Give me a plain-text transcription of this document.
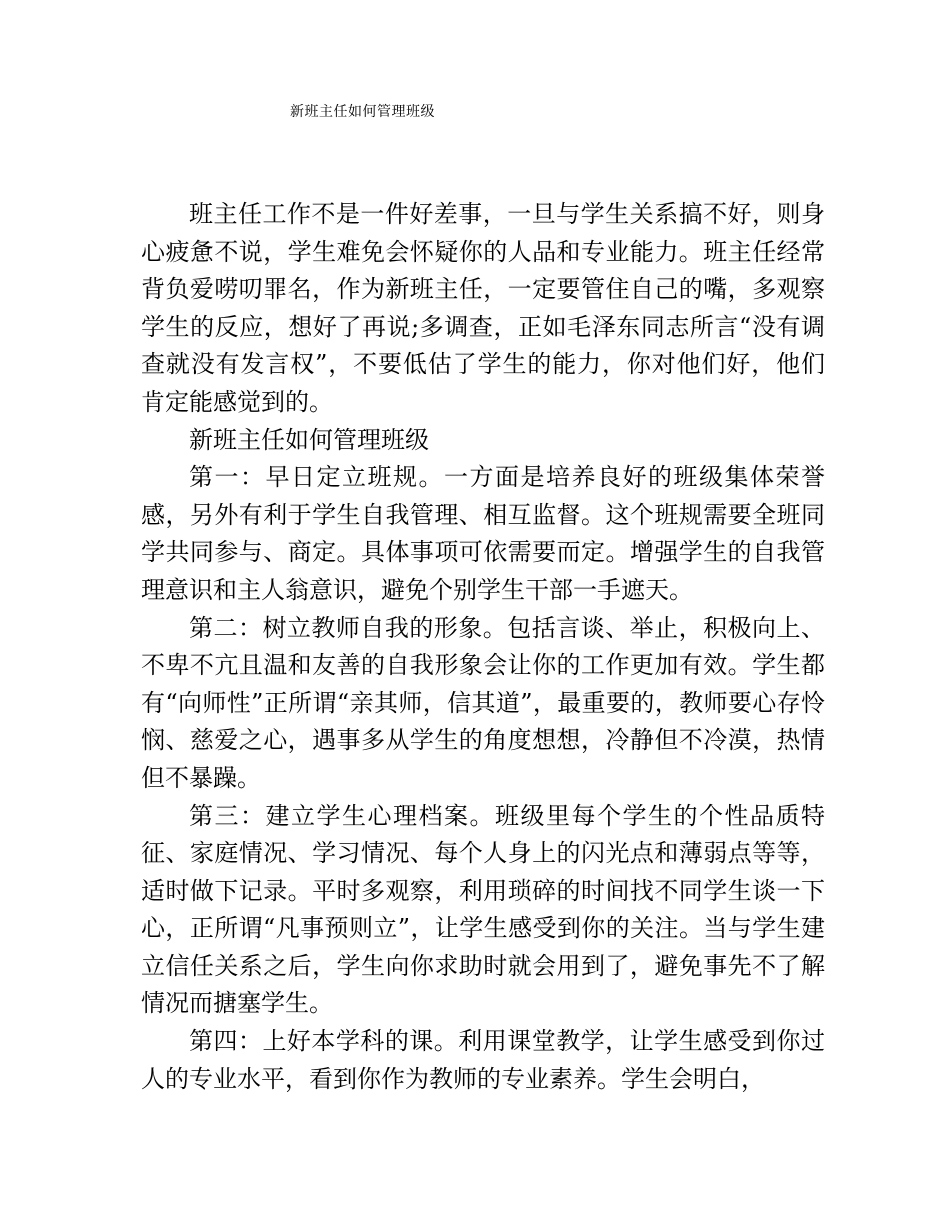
新班主任如何管理班级

班主任工作不是一件好差事，一旦与学生关系搞不好，则身心疲惫不说，学生难免会怀疑你的人品和专业能力。班主任经常背负爱唠叨罪名，作为新班主任，一定要管住自己的嘴，多观察学生的反应，想好了再说;多调查，正如毛泽东同志所言“没有调查就没有发言权”，不要低估了学生的能力，你对他们好，他们肯定能感觉到的。

新班主任如何管理班级

第一：早日定立班规。一方面是培养良好的班级集体荣誉感，另外有利于学生自我管理、相互监督。这个班规需要全班同学共同参与、商定。具体事项可依需要而定。增强学生的自我管理意识和主人翁意识，避免个别学生干部一手遮天。

第二：树立教师自我的形象。包括言谈、举止，积极向上、不卑不亢且温和友善的自我形象会让你的工作更加有效。学生都有“向师性”正所谓“亲其师，信其道”，最重要的，教师要心存怜悯、慈爱之心，遇事多从学生的角度想想，冷静但不冷漠，热情但不暴躁。

第三：建立学生心理档案。班级里每个学生的个性品质特征、家庭情况、学习情况、每个人身上的闪光点和薄弱点等等，适时做下记录。平时多观察，利用琐碎的时间找不同学生谈一下心，正所谓“凡事预则立”，让学生感受到你的关注。当与学生建立信任关系之后，学生向你求助时就会用到了，避免事先不了解情况而搪塞学生。

第四：上好本学科的课。利用课堂教学，让学生感受到你过人的专业水平，看到你作为教师的专业素养。学生会明白，
